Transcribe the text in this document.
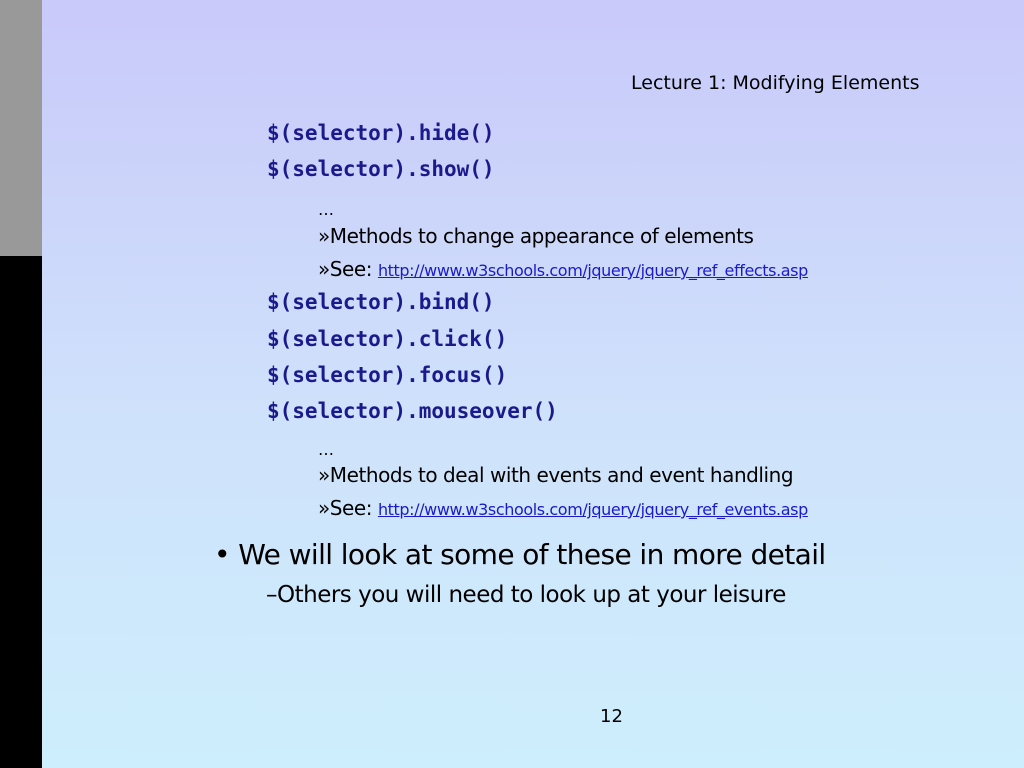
Lecture 1: Modifying Elements
$(selector).hide()
$(selector).show()
…
»Methods to change appearance of elements
»See: http://www.w3schools.com/jquery/jquery_ref_effects.asp
$(selector).bind()
$(selector).click()
$(selector).focus()
$(selector).mouseover()
…
»Methods to deal with events and event handling
»See: http://www.w3schools.com/jquery/jquery_ref_events.asp
• We will look at some of these in more detail
–Others you will need to look up at your leisure
12
